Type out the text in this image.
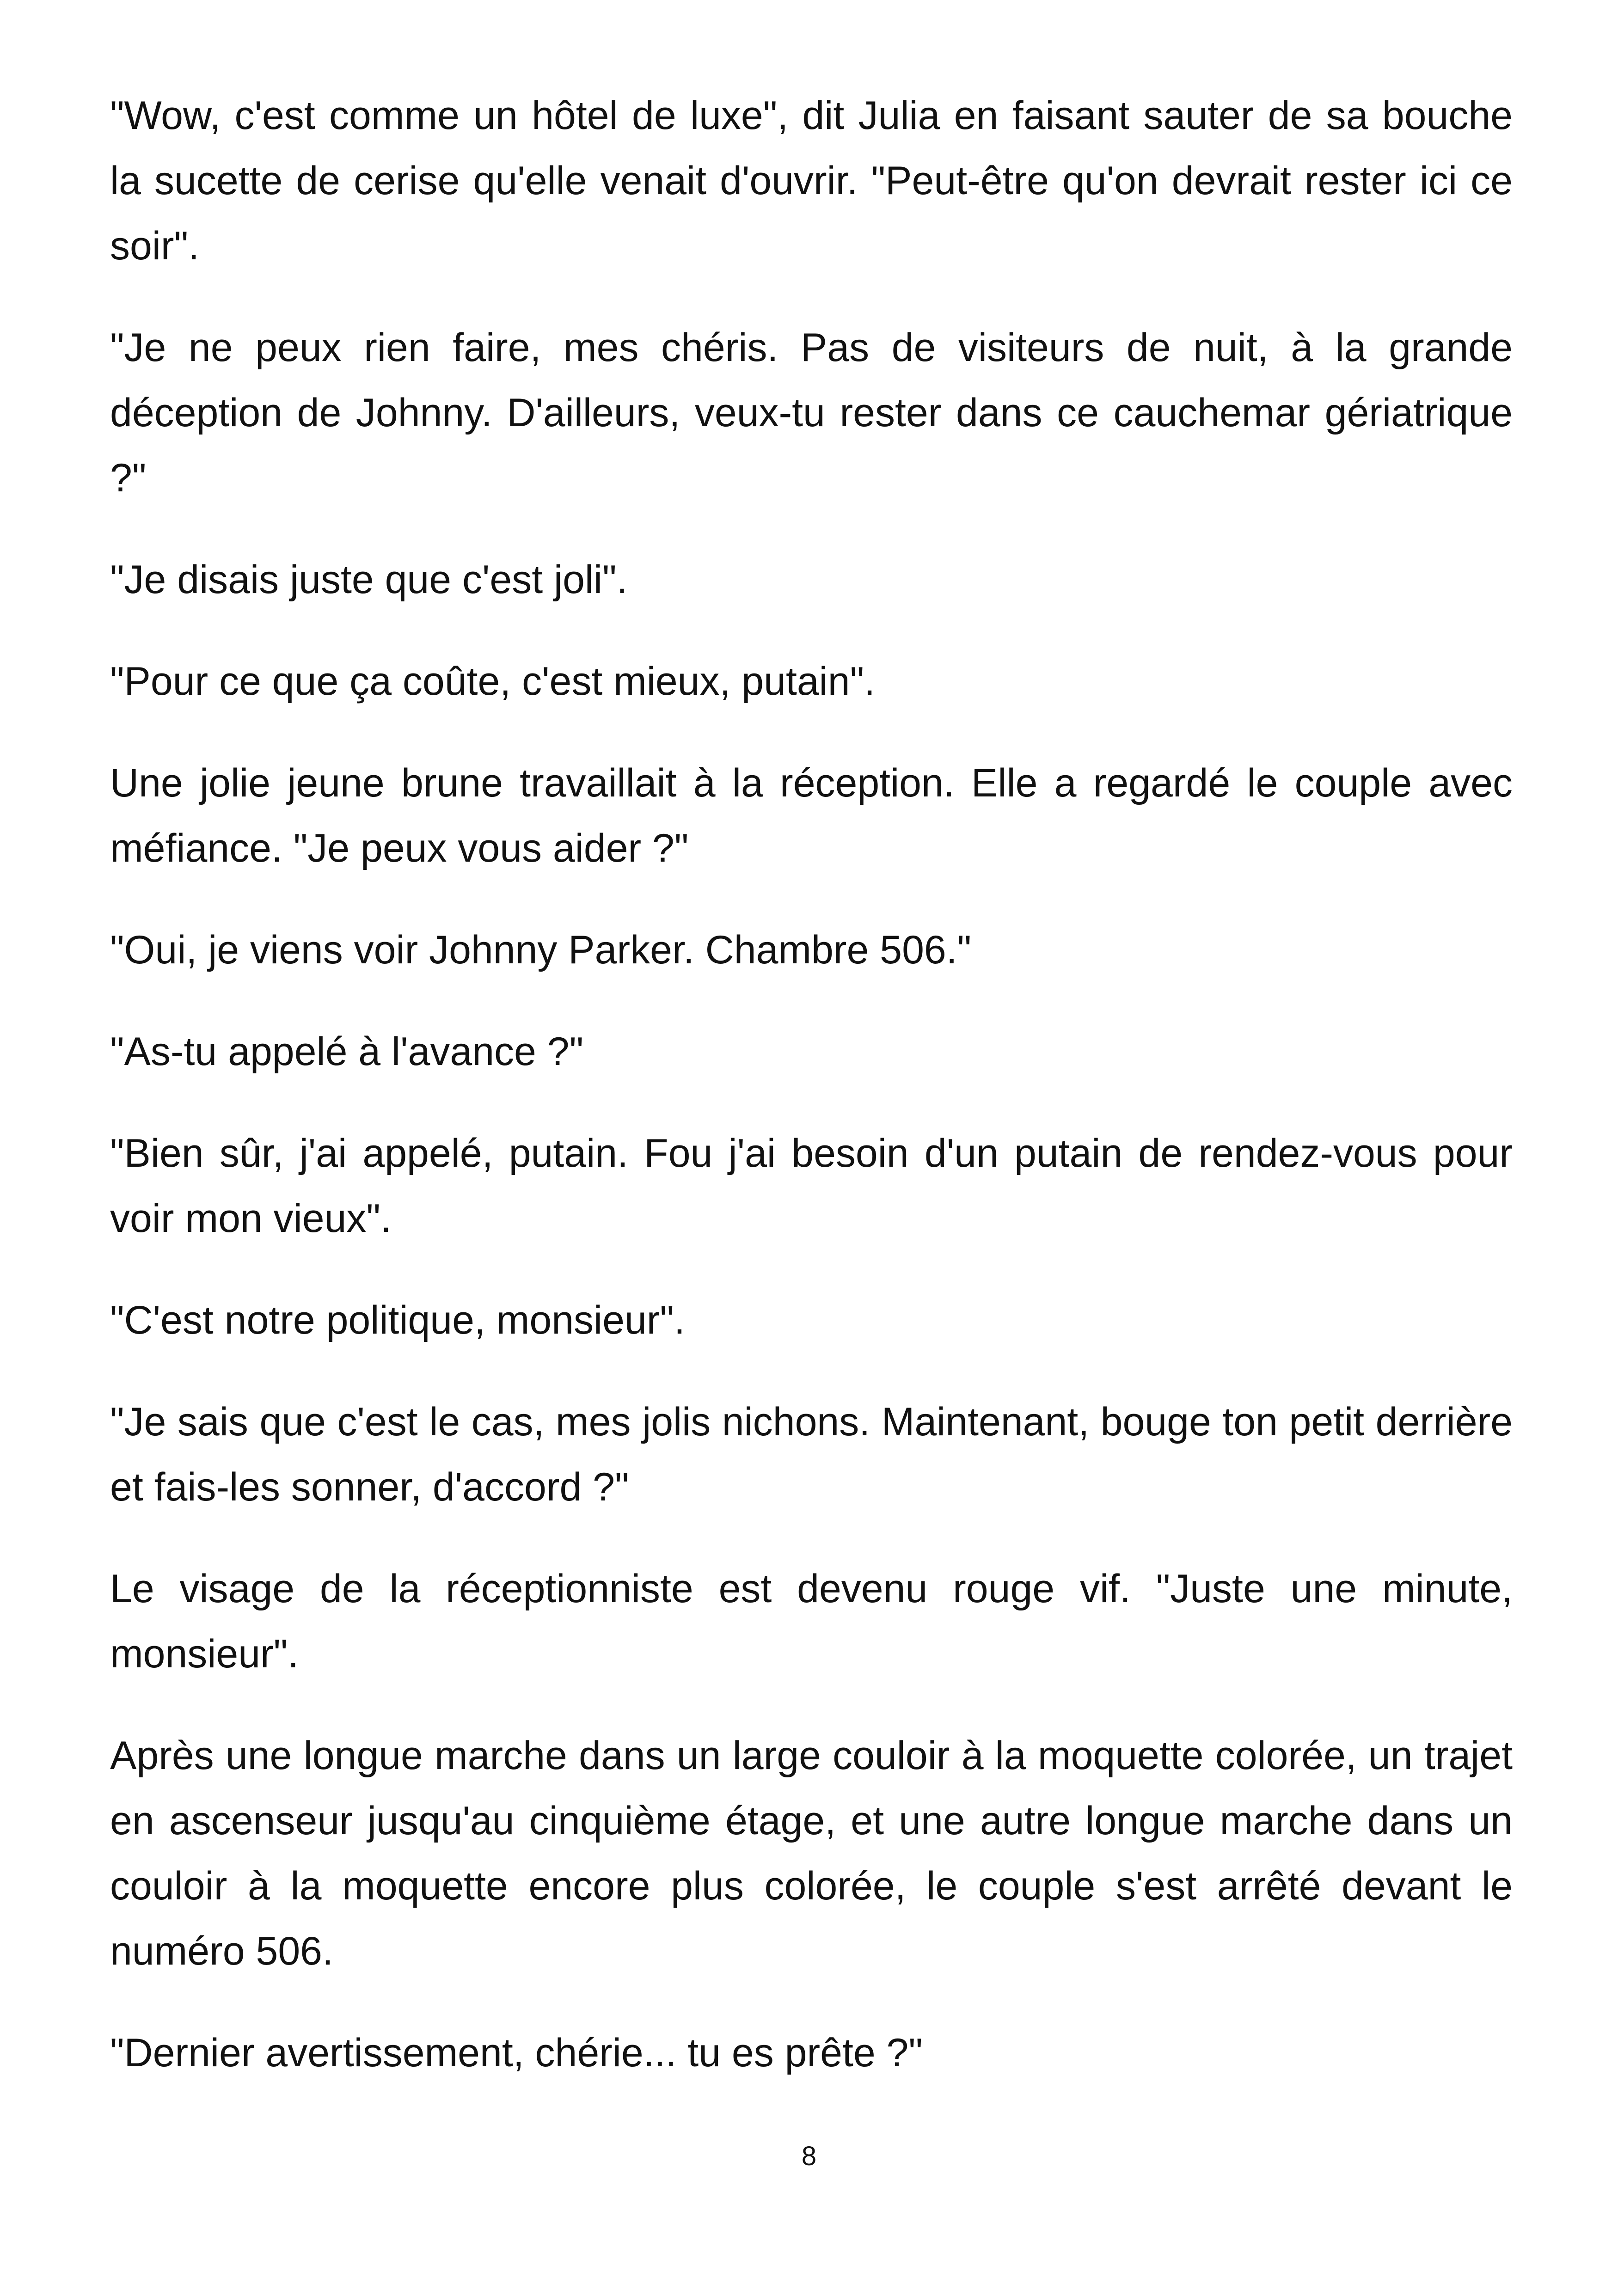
"Wow, c'est comme un hôtel de luxe", dit Julia en faisant sauter de sa bouche la sucette de cerise qu'elle venait d'ouvrir. "Peut-être qu'on devrait rester ici ce soir".

"Je ne peux rien faire, mes chéris. Pas de visiteurs de nuit, à la grande déception de Johnny. D'ailleurs, veux-tu rester dans ce cauchemar gériatrique ?"

"Je disais juste que c'est joli".

"Pour ce que ça coûte, c'est mieux, putain".

Une jolie jeune brune travaillait à la réception. Elle a regardé le couple avec méfiance. "Je peux vous aider ?"

"Oui, je viens voir Johnny Parker. Chambre 506."

"As-tu appelé à l'avance ?"

"Bien sûr, j'ai appelé, putain. Fou j'ai besoin d'un putain de rendez-vous pour voir mon vieux".

"C'est notre politique, monsieur".

"Je sais que c'est le cas, mes jolis nichons. Maintenant, bouge ton petit derrière et fais-les sonner, d'accord ?"

Le visage de la réceptionniste est devenu rouge vif. "Juste une minute, monsieur".

Après une longue marche dans un large couloir à la moquette colorée, un trajet en ascenseur jusqu'au cinquième étage, et une autre longue marche dans un couloir à la moquette encore plus colorée, le couple s'est arrêté devant le numéro 506.

"Dernier avertissement, chérie... tu es prête ?"

8
